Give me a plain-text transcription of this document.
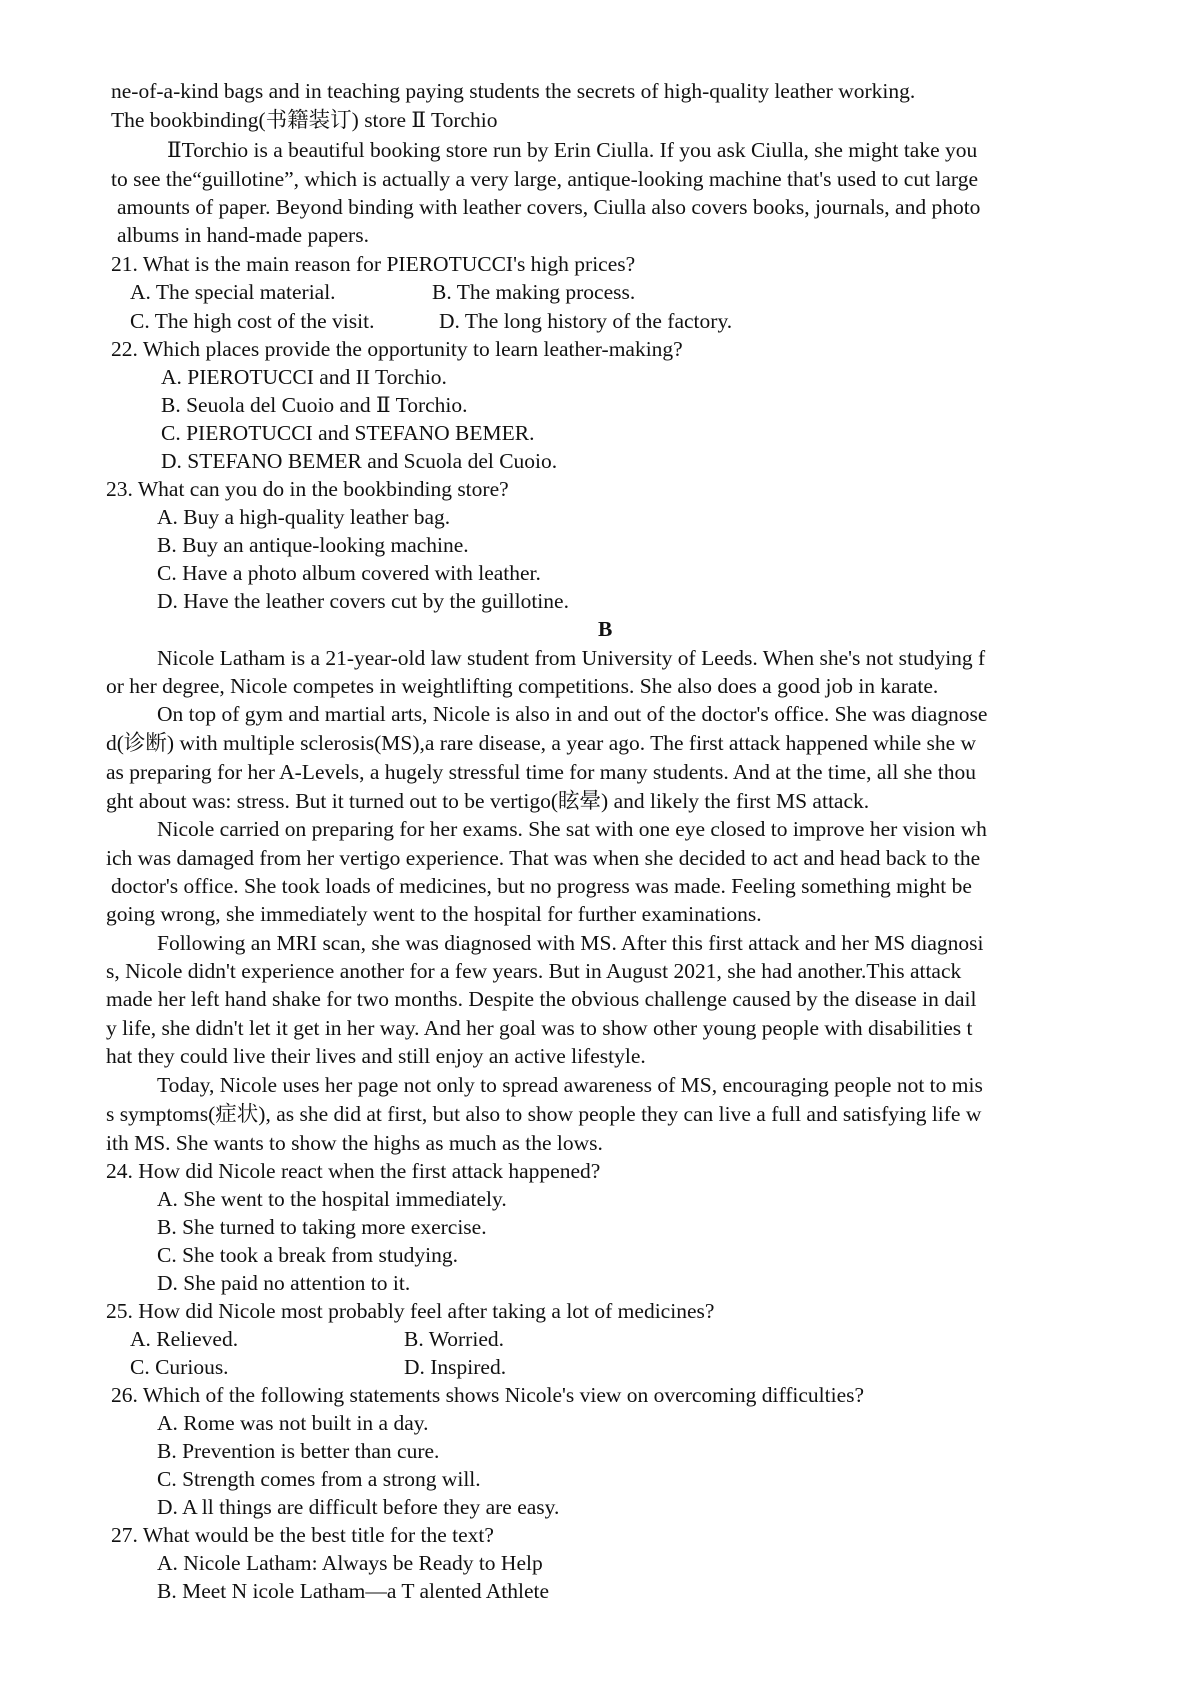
ne-of-a-kind bags and in teaching paying students the secrets of high-quality leather working.
The bookbinding(书籍装订) store Ⅱ Torchio
ⅡTorchio is a beautiful booking store run by Erin Ciulla. If you ask Ciulla, she might take you
to see the“guillotine”, which is actually a very large, antique-looking machine that's used to cut large
amounts of paper. Beyond binding with leather covers, Ciulla also covers books, journals, and photo
albums in hand-made papers.
21. What is the main reason for PIEROTUCCI's high prices?
A. The special material.	B. The making process.
C. The high cost of the visit.	D. The long history of the factory.
22. Which places provide the opportunity to learn leather-making?
A. PIEROTUCCI and II Torchio.
B. Seuola del Cuoio and Ⅱ Torchio.
C. PIEROTUCCI and STEFANO BEMER.
D. STEFANO BEMER and Scuola del Cuoio.
23. What can you do in the bookbinding store?
A. Buy a high-quality leather bag.
B. Buy an antique-looking machine.
C. Have a photo album covered with leather.
D. Have the leather covers cut by the guillotine.
B
Nicole Latham is a 21-year-old law student from University of Leeds. When she's not studying f
or her degree, Nicole competes in weightlifting competitions. She also does a good job in karate.
On top of gym and martial arts, Nicole is also in and out of the doctor's office. She was diagnose
d(诊断) with multiple sclerosis(MS),a rare disease, a year ago. The first attack happened while she w
as preparing for her A-Levels, a hugely stressful time for many students. And at the time, all she thou
ght about was: stress. But it turned out to be vertigo(眩晕) and likely the first MS attack.
Nicole carried on preparing for her exams. She sat with one eye closed to improve her vision wh
ich was damaged from her vertigo experience. That was when she decided to act and head back to the
doctor's office. She took loads of medicines, but no progress was made. Feeling something might be
going wrong, she immediately went to the hospital for further examinations.
Following an MRI scan, she was diagnosed with MS. After this first attack and her MS diagnosi
s, Nicole didn't experience another for a few years. But in August 2021, she had another.This attack
made her left hand shake for two months. Despite the obvious challenge caused by the disease in dail
y life, she didn't let it get in her way. And her goal was to show other young people with disabilities t
hat they could live their lives and still enjoy an active lifestyle.
Today, Nicole uses her page not only to spread awareness of MS, encouraging people not to mis
s symptoms(症状), as she did at first, but also to show people they can live a full and satisfying life w
ith MS. She wants to show the highs as much as the lows.
24. How did Nicole react when the first attack happened?
A. She went to the hospital immediately.
B. She turned to taking more exercise.
C. She took a break from studying.
D. She paid no attention to it.
25. How did Nicole most probably feel after taking a lot of medicines?
A. Relieved.	B. Worried.
C. Curious.	D. Inspired.
26. Which of the following statements shows Nicole's view on overcoming difficulties?
A. Rome was not built in a day.
B. Prevention is better than cure.
C. Strength comes from a strong will.
D. A ll things are difficult before they are easy.
27. What would be the best title for the text?
A. Nicole Latham: Always be Ready to Help
B. Meet N icole Latham—a T alented Athlete
